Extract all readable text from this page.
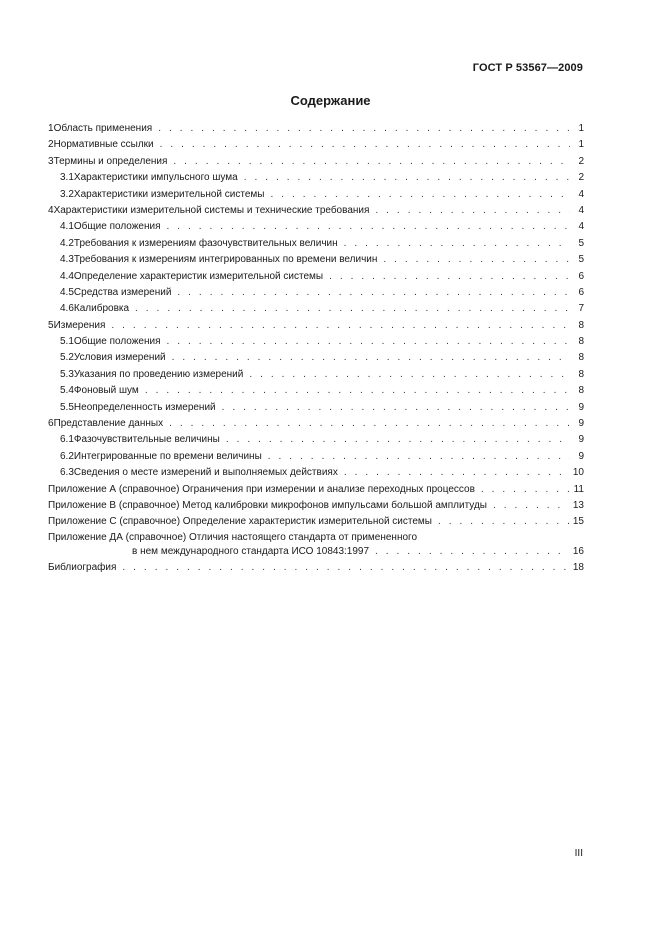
ГОСТ Р 53567—2009
Содержание
1 Область применения . . .	1
2 Нормативные ссылки . . .	1
3 Термины и определения . . .	2
3.1 Характеристики импульсного шума . . .	2
3.2 Характеристики измерительной системы . . .	4
4 Характеристики измерительной системы и технические требования . . .	4
4.1 Общие положения . . .	4
4.2 Требования к измерениям фазочувствительных величин . . .	5
4.3 Требования к измерениям интегрированных по времени величин . . .	5
4.4 Определение характеристик измерительной системы . . .	6
4.5 Средства измерений . . .	6
4.6 Калибровка . . .	7
5 Измерения . . .	8
5.1 Общие положения . . .	8
5.2 Условия измерений . . .	8
5.3 Указания по проведению измерений . . .	8
5.4 Фоновый шум . . .	8
5.5 Неопределенность измерений . . .	9
6 Представление данных . . .	9
6.1 Фазочувствительные величины . . .	9
6.2 Интегрированные по времени величины . . .	9
6.3 Сведения о месте измерений и выполняемых действиях . . .	10
Приложение А (справочное) Ограничения при измерении и анализе переходных процессов . . .	11
Приложение В (справочное) Метод калибровки микрофонов импульсами большой амплитуды . . .	13
Приложение С (справочное) Определение характеристик измерительной системы . . .	15
Приложение ДА (справочное) Отличия настоящего стандарта от примененного
в нем международного стандарта ИСО 10843:1997 . . .	16
Библиография . . .	18
III
